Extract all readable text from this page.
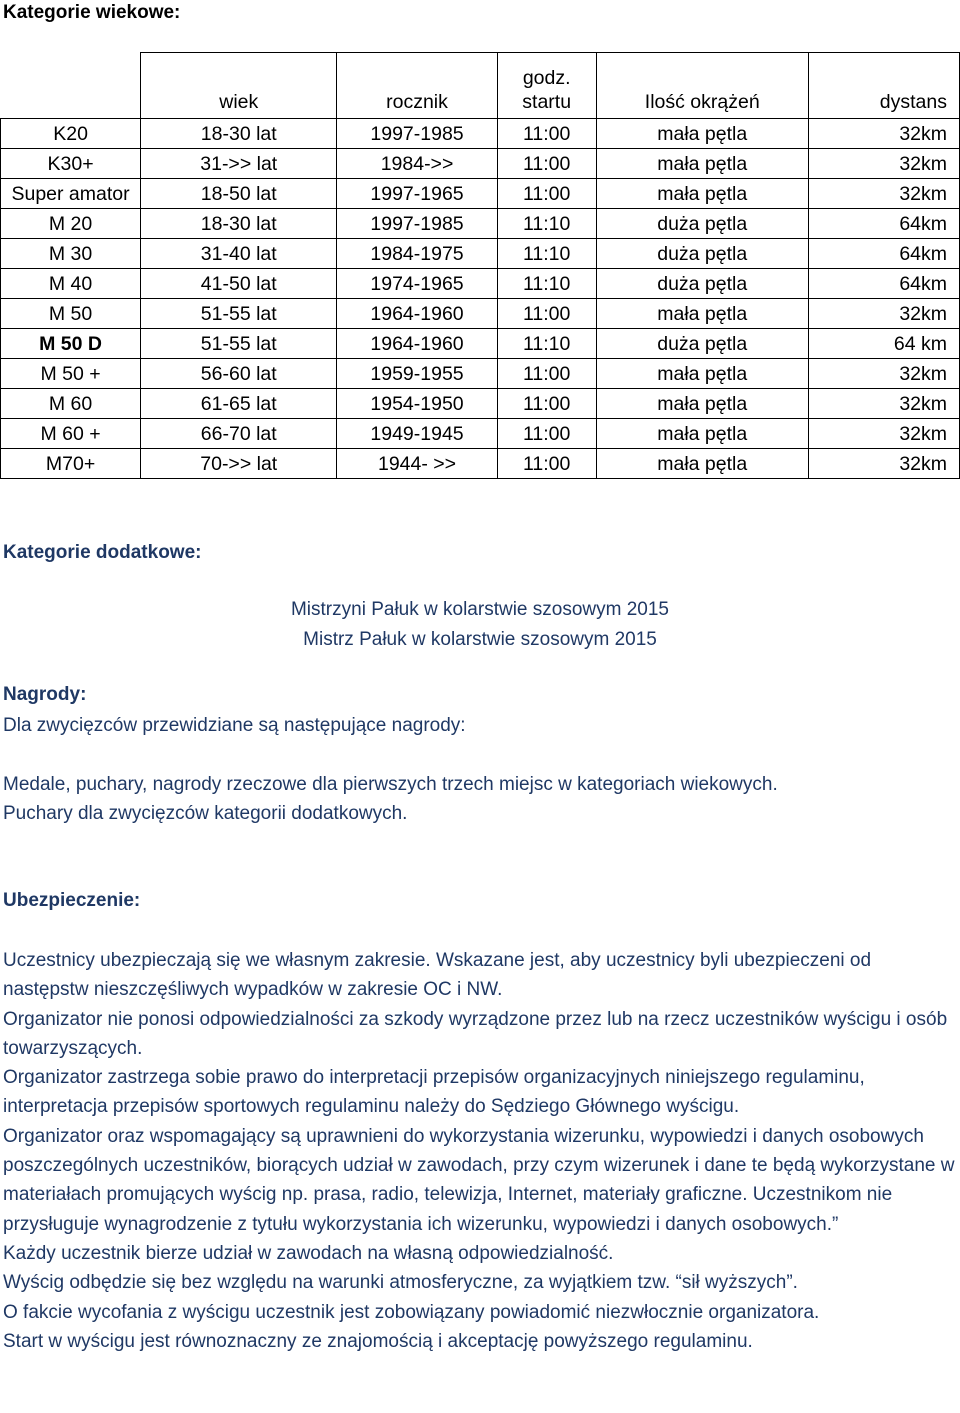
Kategorie wiekowe:
	wiek	rocznik	godz. startu	Ilość okrążeń	dystans
K20	18-30 lat	1997-1985	11:00	mała pętla	32km
K30+	31->> lat	1984->>	11:00	mała pętla	32km
Super amator	18-50 lat	1997-1965	11:00	mała pętla	32km
M 20	18-30 lat	1997-1985	11:10	duża pętla	64km
M 30	31-40 lat	1984-1975	11:10	duża pętla	64km
M 40	41-50 lat	1974-1965	11:10	duża pętla	64km
M 50	51-55 lat	1964-1960	11:00	mała pętla	32km
M 50 D	51-55 lat	1964-1960	11:10	duża pętla	64 km
M 50 +	56-60 lat	1959-1955	11:00	mała pętla	32km
M 60	61-65 lat	1954-1950	11:00	mała pętla	32km
M 60 +	66-70 lat	1949-1945	11:00	mała pętla	32km
M70+	70->> lat	1944- >>	11:00	mała pętla	32km
Kategorie dodatkowe:
Mistrzyni Pałuk w kolarstwie szosowym 2015
Mistrz Pałuk w kolarstwie szosowym 2015
Nagrody:
Dla zwycięzców przewidziane są następujące nagrody:
Medale, puchary, nagrody rzeczowe dla pierwszych trzech miejsc w kategoriach wiekowych.
Puchary dla zwycięzców kategorii dodatkowych.
Ubezpieczenie:

Uczestnicy ubezpieczają się we własnym zakresie. Wskazane jest, aby uczestnicy byli ubezpieczeni od następstw nieszczęśliwych wypadków w zakresie OC i NW.

Organizator nie ponosi odpowiedzialności za szkody wyrządzone przez lub na rzecz uczestników wyścigu i osób towarzyszących.

Organizator zastrzega sobie prawo do interpretacji przepisów organizacyjnych niniejszego regulaminu, interpretacja przepisów sportowych regulaminu należy do Sędziego Głównego wyścigu.

Organizator oraz wspomagający są uprawnieni do wykorzystania wizerunku, wypowiedzi i danych osobowych poszczególnych uczestników, biorących udział w zawodach, przy czym wizerunek i dane te będą wykorzystane w materiałach promujących wyścig np. prasa, radio, telewizja, Internet, materiały graficzne. Uczestnikom nie przysługuje wynagrodzenie z tytułu wykorzystania ich wizerunku, wypowiedzi i danych osobowych.”

Każdy uczestnik bierze udział w zawodach na własną odpowiedzialność.

Wyścig odbędzie się bez względu na warunki atmosferyczne, za wyjątkiem tzw. “sił wyższych”.

O fakcie wycofania z wyścigu uczestnik jest zobowiązany powiadomić niezwłocznie organizatora.

Start w wyścigu jest równoznaczny ze znajomością i akceptację powyższego regulaminu.
